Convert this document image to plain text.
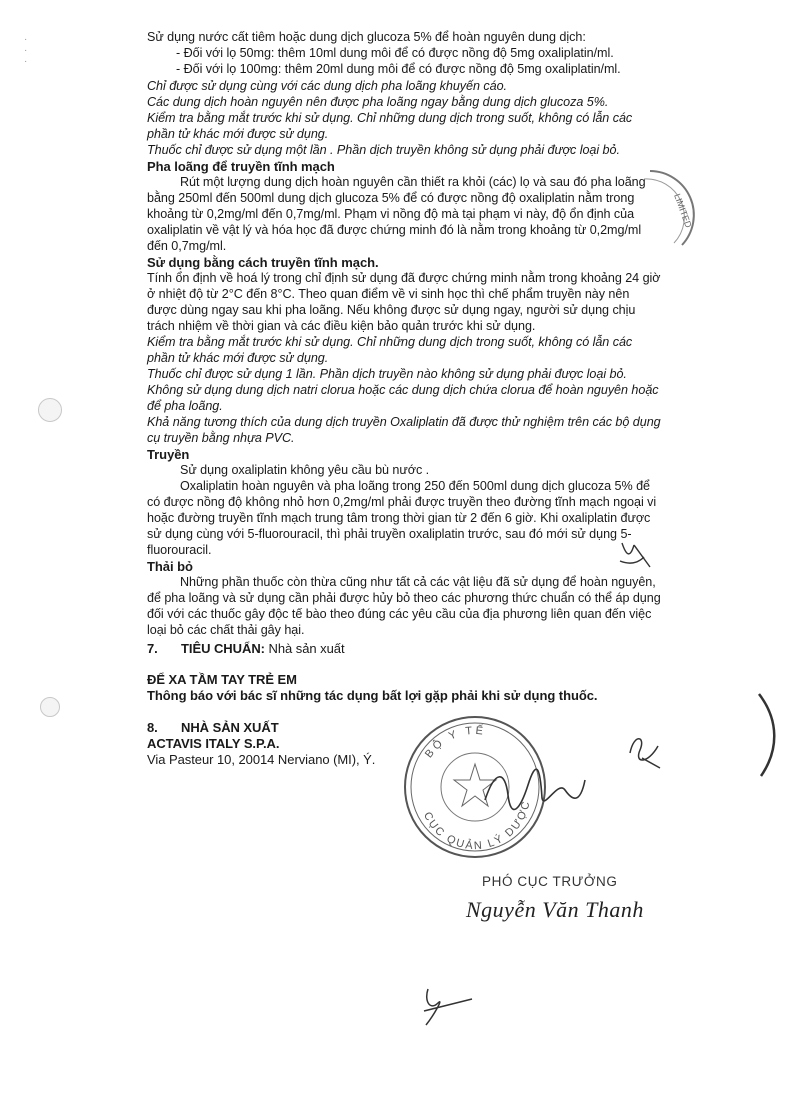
·
·
·
Sử dụng nước cất tiêm hoặc dung dịch glucoza 5% để hoàn nguyên dung dịch:
- Đối với lọ 50mg: thêm 10ml dung môi để có được nồng độ 5mg oxaliplatin/ml.
- Đối với lọ 100mg: thêm 20ml dung môi để có được nồng độ 5mg oxaliplatin/ml.
Chỉ được sử dụng cùng với các dung dịch pha loãng khuyến cáo.
Các dung dịch hoàn nguyên nên được pha loãng ngay bằng dung dịch glucoza 5%.
Kiểm tra bằng mắt trước khi sử dụng. Chỉ những dung dịch trong suốt, không có lẫn các
phần tử khác mới được sử dụng.
Thuốc chỉ được sử dụng một lần . Phần dịch truyền không sử dụng phải được loại bỏ.
Pha loãng để truyền tĩnh mạch
Rút một lượng dung dịch hoàn nguyên cần thiết ra khỏi (các) lọ và sau đó pha loãng
bằng 250ml đến 500ml dung dịch glucoza 5% để có được nồng độ oxaliplatin nằm trong
khoảng từ 0,2mg/ml đến 0,7mg/ml. Phạm vi nồng độ mà tại phạm vi này, độ ổn định của
oxaliplatin về vật lý và hóa học đã được chứng minh đó là nằm trong khoảng từ 0,2mg/ml
đến 0,7mg/ml.
Sử dụng bằng cách truyền tĩnh mạch.
Tính ổn định về hoá lý trong chỉ định sử dụng đã được chứng minh nằm trong khoảng 24 giờ
ở nhiệt độ từ 2°C đến 8°C. Theo quan điểm về vi sinh học thì chế phẩm truyền này nên
được dùng ngay sau khi pha loãng. Nếu không được sử dụng ngay, người sử dụng chịu
trách nhiệm về thời gian và các điều kiện bảo quản trước khi sử dụng.
Kiểm tra bằng mắt trước khi sử dụng. Chỉ những dung dịch trong suốt, không có lẫn các
phần tử khác mới được sử dụng.
Thuốc chỉ được sử dụng 1 lần. Phần dịch truyền nào không sử dụng phải được loại bỏ.
Không sử dụng dung dịch natri clorua hoặc các dung dịch chứa clorua để hoàn nguyên hoặc
để pha loãng.
Khả năng tương thích của dung dịch truyền Oxaliplatin đã được thử nghiệm trên các bộ dụng
cụ truyền bằng nhựa PVC.
Truyền
Sử dụng oxaliplatin không yêu cầu bù nước .
Oxaliplatin hoàn nguyên và pha loãng trong 250 đến 500ml dung dịch glucoza 5% để
có được nồng độ không nhỏ hơn 0,2mg/ml phải được truyền theo đường tĩnh mạch ngoại vi
hoặc đường truyền tĩnh mạch trung tâm trong thời gian từ 2 đến 6 giờ. Khi oxaliplatin được
sử dụng cùng với 5-fluorouracil, thì phải truyền oxaliplatin trước, sau đó mới sử dụng 5-
fluorouracil.
Thải bỏ
Những phần thuốc còn thừa cũng như tất cả các vật liệu đã sử dụng để hoàn nguyên,
để pha loãng và sử dụng cần phải được hủy bỏ theo các phương thức chuẩn có thể áp dụng
đối với các thuốc gây độc tế bào theo đúng các yêu cầu của địa phương liên quan đến việc
loại bỏ các chất thải gây hại.
7. TIÊU CHUẨN: Nhà sản xuất
ĐỂ XA TẦM TAY TRẺ EM
Thông báo với bác sĩ những tác dụng bất lợi gặp phải khi sử dụng thuốc.
8. NHÀ SẢN XUẤT
ACTAVIS ITALY S.P.A.
Via Pasteur 10, 20014 Nerviano (MI), Ý.	BỘ Y TẾ
CỤC QUẢN LÝ DƯỢC
LIMITED
PHÓ CỤC TRƯỞNG
Nguyễn Văn Thanh
